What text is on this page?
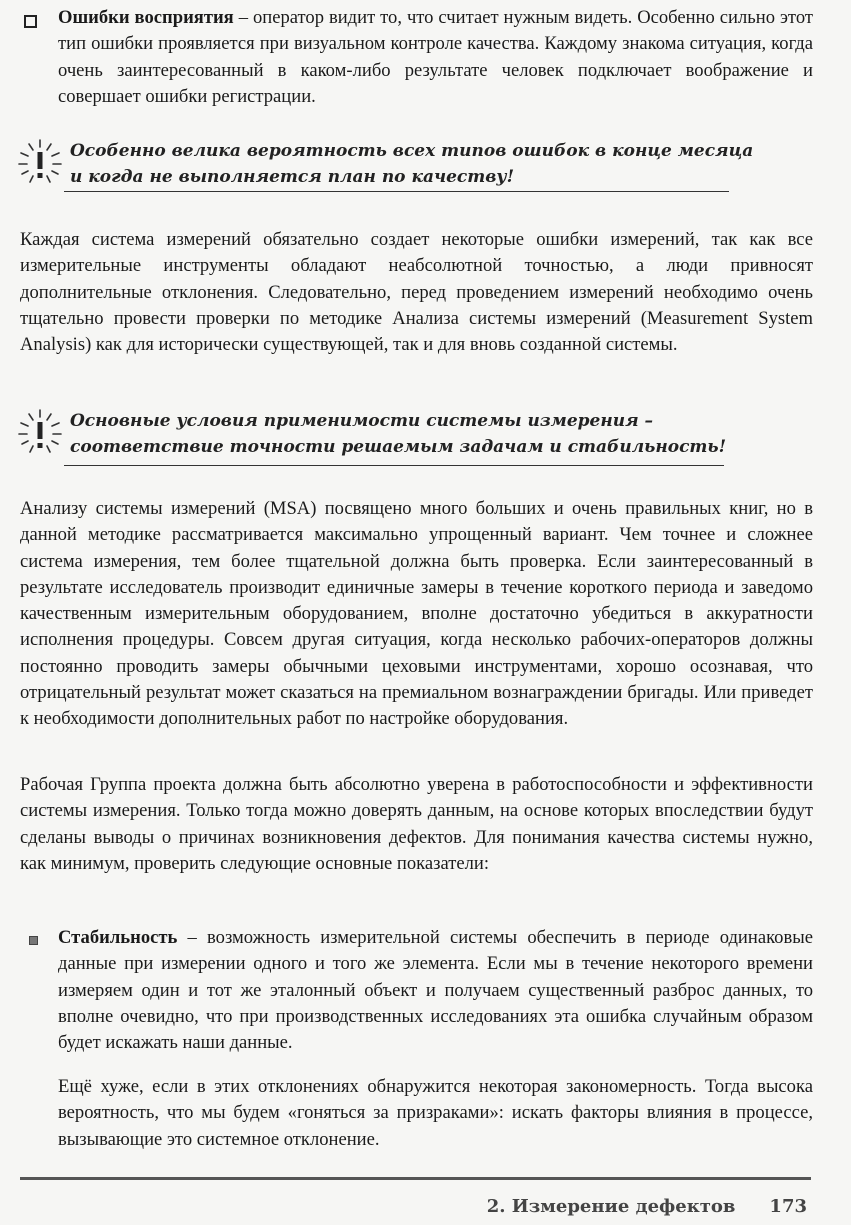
Ошибки восприятия – оператор видит то, что считает нужным видеть. Особенно сильно этот тип ошибки проявляется при визуальном контроле качества. Каждому знакома ситуация, когда очень заинтересованный в каком-либо результате человек подключает воображение и совершает ошибки регистрации.

Особенно велика вероятность всех типов ошибок в конце месяца
и когда не выполняется план по качеству!

Каждая система измерений обязательно создает некоторые ошибки измерений, так как все измерительные инструменты обладают неабсолютной точностью, а люди привносят дополнительные отклонения. Следовательно, перед проведением измерений необходимо очень тщательно провести проверки по методике Анализа системы измерений (Measurement System Analysis) как для исторически существующей, так и для вновь созданной системы.

Основные условия применимости системы измерения –
соответствие точности решаемым задачам и стабильность!

Анализу системы измерений (MSA) посвящено много больших и очень правильных книг, но в данной методике рассматривается максимально упрощенный вариант. Чем точнее и сложнее система измерения, тем более тщательной должна быть проверка. Если заинтересованный в результате исследователь производит единичные замеры в течение короткого периода и заведомо качественным измерительным оборудованием, вполне достаточно убедиться в аккуратности исполнения процедуры. Совсем другая ситуация, когда несколько рабочих-операторов должны постоянно проводить замеры обычными цеховыми инструментами, хорошо осознавая, что отрицательный результат может сказаться на премиальном вознаграждении бригады. Или приведет к необходимости дополнительных работ по настройке оборудования.

Рабочая Группа проекта должна быть абсолютно уверена в работоспособности и эффективности системы измерения. Только тогда можно доверять данным, на основе которых впоследствии будут сделаны выводы о причинах возникновения дефектов. Для понимания качества системы нужно, как минимум, проверить следующие основные показатели:

Стабильность – возможность измерительной системы обеспечить в периоде одинаковые данные при измерении одного и того же элемента. Если мы в течение некоторого времени измеряем один и тот же эталонный объект и получаем существенный разброс данных, то вполне очевидно, что при производственных исследованиях эта ошибка случайным образом будет искажать наши данные.

Ещё хуже, если в этих отклонениях обнаружится некоторая закономерность. Тогда высока вероятность, что мы будем «гоняться за призраками»: искать факторы влияния в процессе, вызывающие это системное отклонение.

2. Измерение дефектов 173
